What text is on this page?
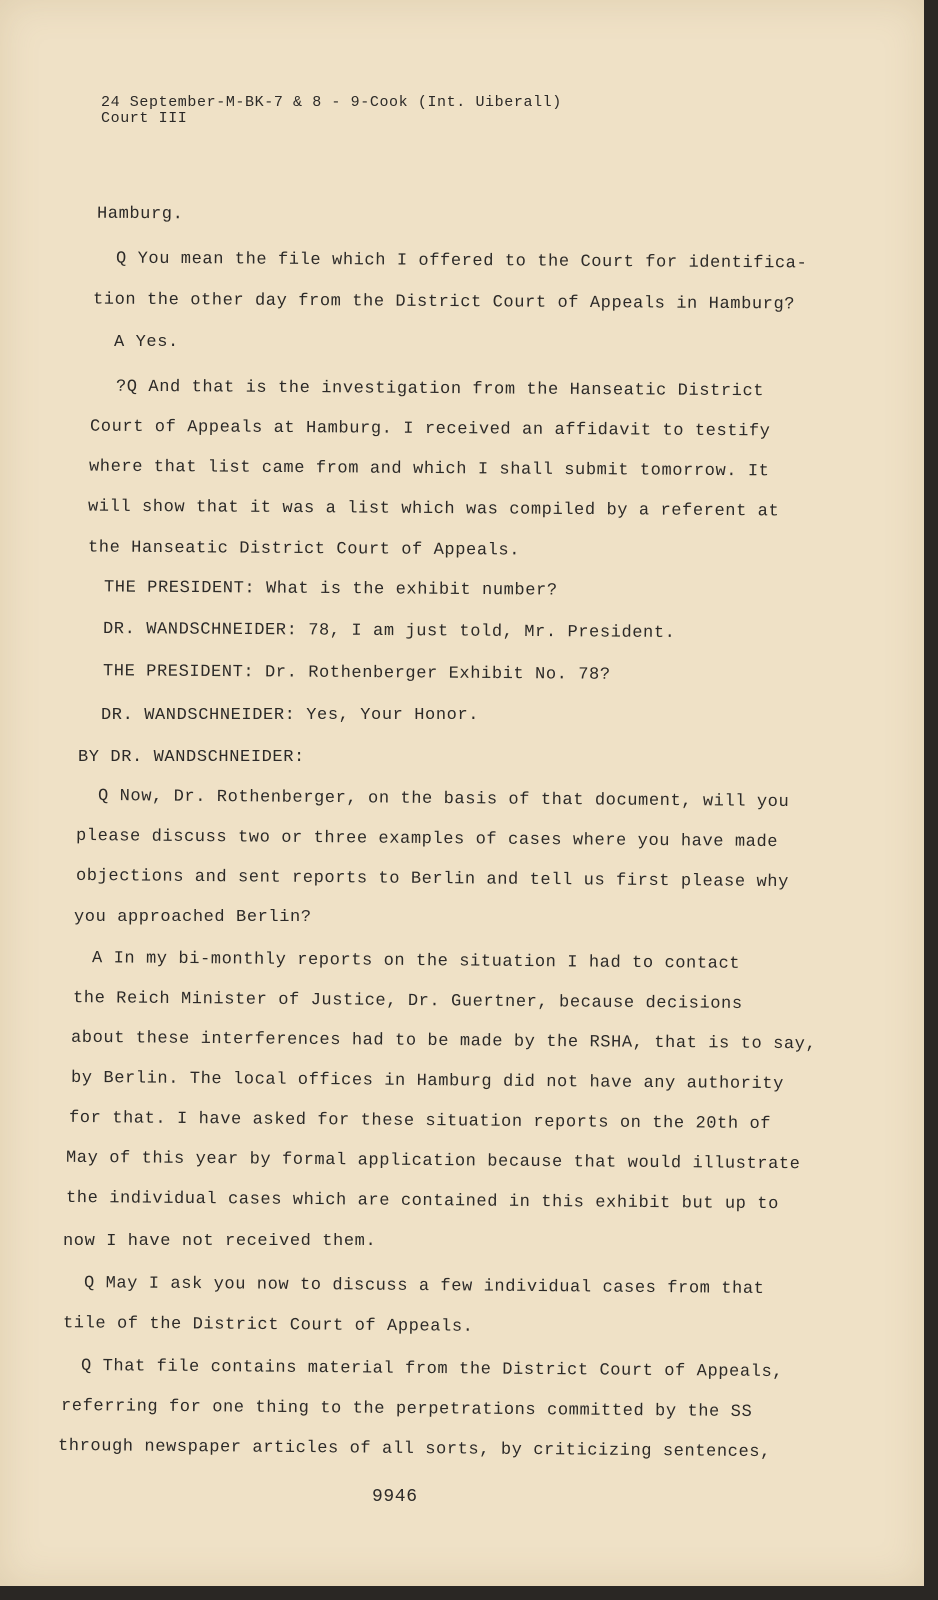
24 September-M-BK-7 & 8 - 9-Cook (Int. Uiberall)
Court III
Hamburg.
Q You mean the file which I offered to the Court for identifica-
tion the other day from the District Court of Appeals in Hamburg?
A Yes.
?Q And that is the investigation from the Hanseatic District
Court of Appeals at Hamburg. I received an affidavit to testify
where that list came from and which I shall submit tomorrow. It
will show that it was a list which was compiled by a referent at
the Hanseatic District Court of Appeals.
THE PRESIDENT: What is the exhibit number?
DR. WANDSCHNEIDER: 78, I am just told, Mr. President.
THE PRESIDENT: Dr. Rothenberger Exhibit No. 78?
DR. WANDSCHNEIDER: Yes, Your Honor.
BY DR. WANDSCHNEIDER:
Q Now, Dr. Rothenberger, on the basis of that document, will you
please discuss two or three examples of cases where you have made
objections and sent reports to Berlin and tell us first please why
you approached Berlin?
A In my bi-monthly reports on the situation I had to contact
the Reich Minister of Justice, Dr. Guertner, because decisions
about these interferences had to be made by the RSHA, that is to say,
by Berlin. The local offices in Hamburg did not have any authority
for that. I have asked for these situation reports on the 20th of
May of this year by formal application because that would illustrate
the individual cases which are contained in this exhibit but up to
now I have not received them.
Q May I ask you now to discuss a few individual cases from that
tile of the District Court of Appeals.
Q That file contains material from the District Court of Appeals,
referring for one thing to the perpetrations committed by the SS
through newspaper articles of all sorts, by criticizing sentences,
9946
